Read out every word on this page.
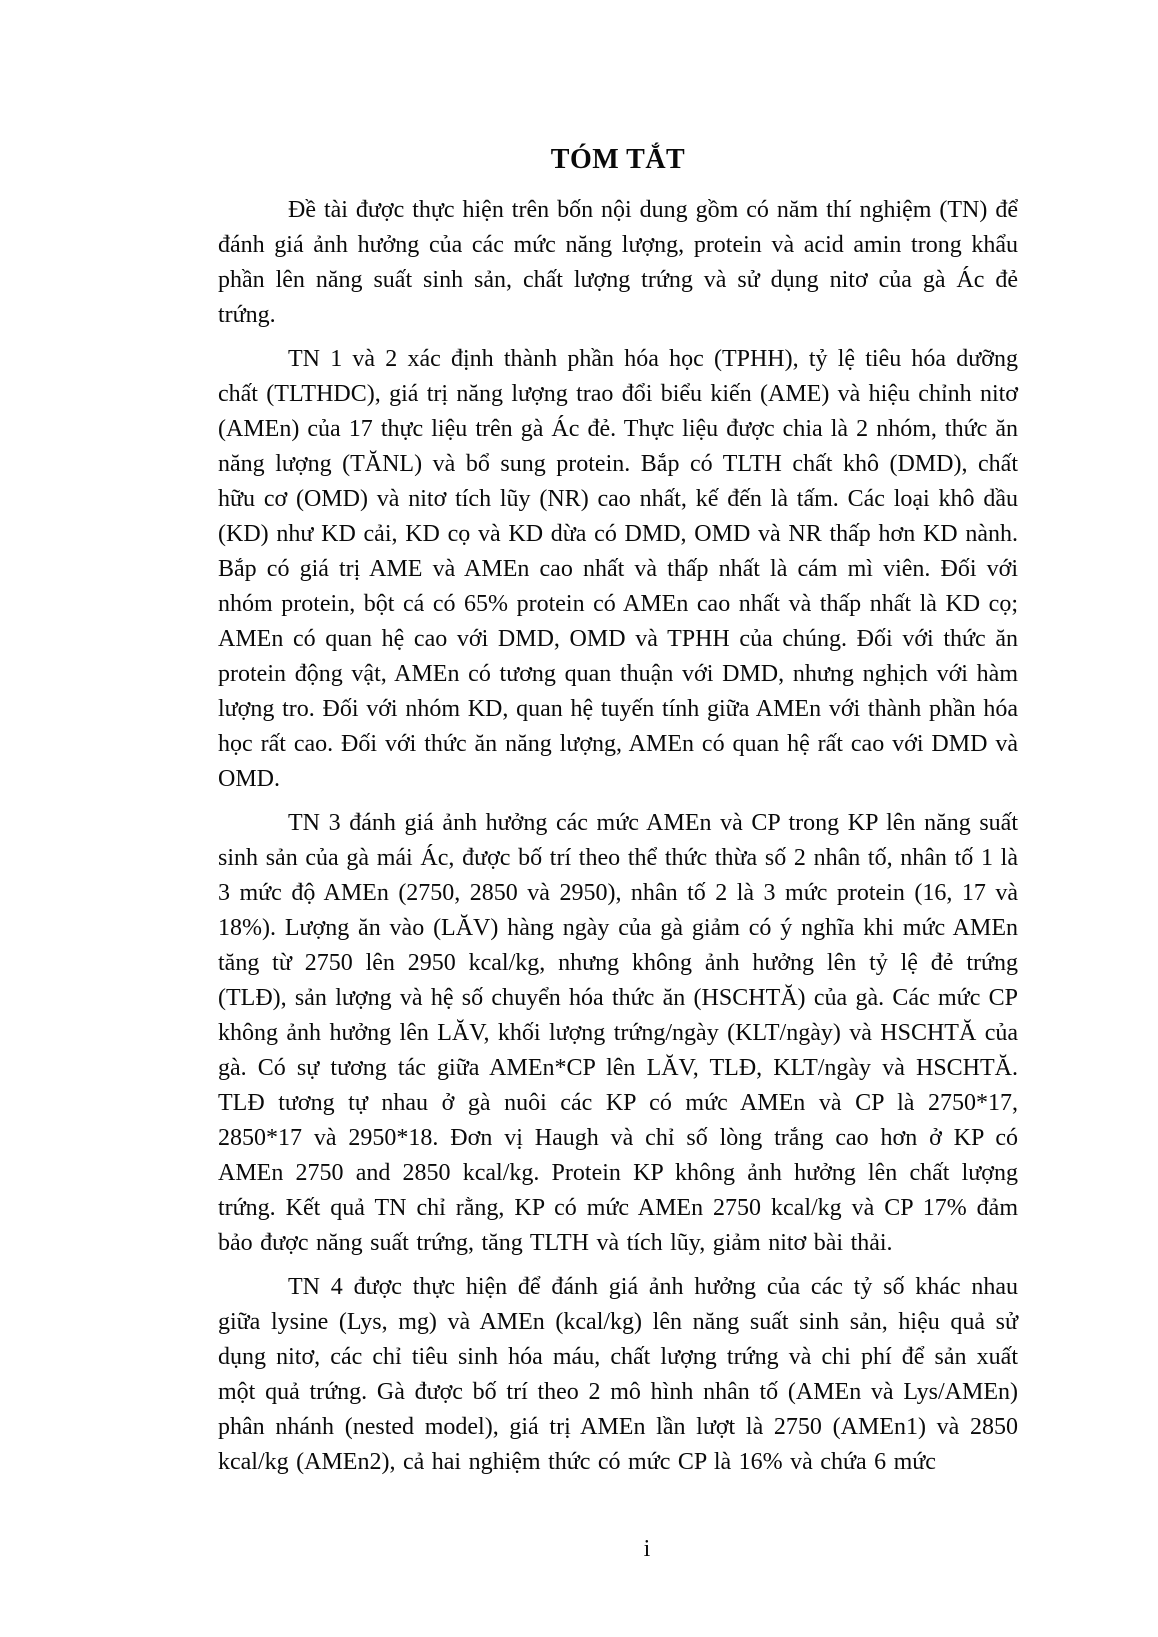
TÓM TẮT

Đề tài được thực hiện trên bốn nội dung gồm có năm thí nghiệm (TN) để đánh giá ảnh hưởng của các mức năng lượng, protein và acid amin trong khẩu phần lên năng suất sinh sản, chất lượng trứng và sử dụng nitơ của gà Ác đẻ trứng.

TN 1 và 2 xác định thành phần hóa học (TPHH), tỷ lệ tiêu hóa dưỡng chất (TLTHDC), giá trị năng lượng trao đổi biểu kiến (AME) và hiệu chỉnh nitơ (AMEn) của 17 thực liệu trên gà Ác đẻ. Thực liệu được chia là 2 nhóm, thức ăn năng lượng (TĂNL) và bổ sung protein. Bắp có TLTH chất khô (DMD), chất hữu cơ (OMD) và nitơ tích lũy (NR) cao nhất, kế đến là tấm. Các loại khô dầu (KD) như KD cải, KD cọ và KD dừa có DMD, OMD và NR thấp hơn KD nành. Bắp có giá trị AME và AMEn cao nhất và thấp nhất là cám mì viên. Đối với nhóm protein, bột cá có 65% protein có AMEn cao nhất và thấp nhất là KD cọ; AMEn có quan hệ cao với DMD, OMD và TPHH của chúng. Đối với thức ăn protein động vật, AMEn có tương quan thuận với DMD, nhưng nghịch với hàm lượng tro. Đối với nhóm KD, quan hệ tuyến tính giữa AMEn với thành phần hóa học rất cao. Đối với thức ăn năng lượng, AMEn có quan hệ rất cao với DMD và OMD.

TN 3 đánh giá ảnh hưởng các mức AMEn và CP trong KP lên năng suất sinh sản của gà mái Ác, được bố trí theo thể thức thừa số 2 nhân tố, nhân tố 1 là 3 mức độ AMEn (2750, 2850 và 2950), nhân tố 2 là 3 mức protein (16, 17 và 18%). Lượng ăn vào (LĂV) hàng ngày của gà giảm có ý nghĩa khi mức AMEn tăng từ 2750 lên 2950 kcal/kg, nhưng không ảnh hưởng lên tỷ lệ đẻ trứng (TLĐ), sản lượng và hệ số chuyển hóa thức ăn (HSCHTĂ) của gà. Các mức CP không ảnh hưởng lên LĂV, khối lượng trứng/ngày (KLT/ngày) và HSCHTĂ của gà. Có sự tương tác giữa AMEn*CP lên LĂV, TLĐ, KLT/ngày và HSCHTĂ. TLĐ tương tự nhau ở gà nuôi các KP có mức AMEn và CP là 2750*17, 2850*17 và 2950*18. Đơn vị Haugh và chỉ số lòng trắng cao hơn ở KP có AMEn 2750 and 2850 kcal/kg. Protein KP không ảnh hưởng lên chất lượng trứng. Kết quả TN chỉ rằng, KP có mức AMEn 2750 kcal/kg và CP 17% đảm bảo được năng suất trứng, tăng TLTH và tích lũy, giảm nitơ bài thải.

TN 4 được thực hiện để đánh giá ảnh hưởng của các tỷ số khác nhau giữa lysine (Lys, mg) và AMEn (kcal/kg) lên năng suất sinh sản, hiệu quả sử dụng nitơ, các chỉ tiêu sinh hóa máu, chất lượng trứng và chi phí để sản xuất một quả trứng. Gà được bố trí theo 2 mô hình nhân tố (AMEn và Lys/AMEn) phân nhánh (nested model), giá trị AMEn lần lượt là 2750 (AMEn1) và 2850 kcal/kg (AMEn2), cả hai nghiệm thức có mức CP là 16% và chứa 6 mức

i
